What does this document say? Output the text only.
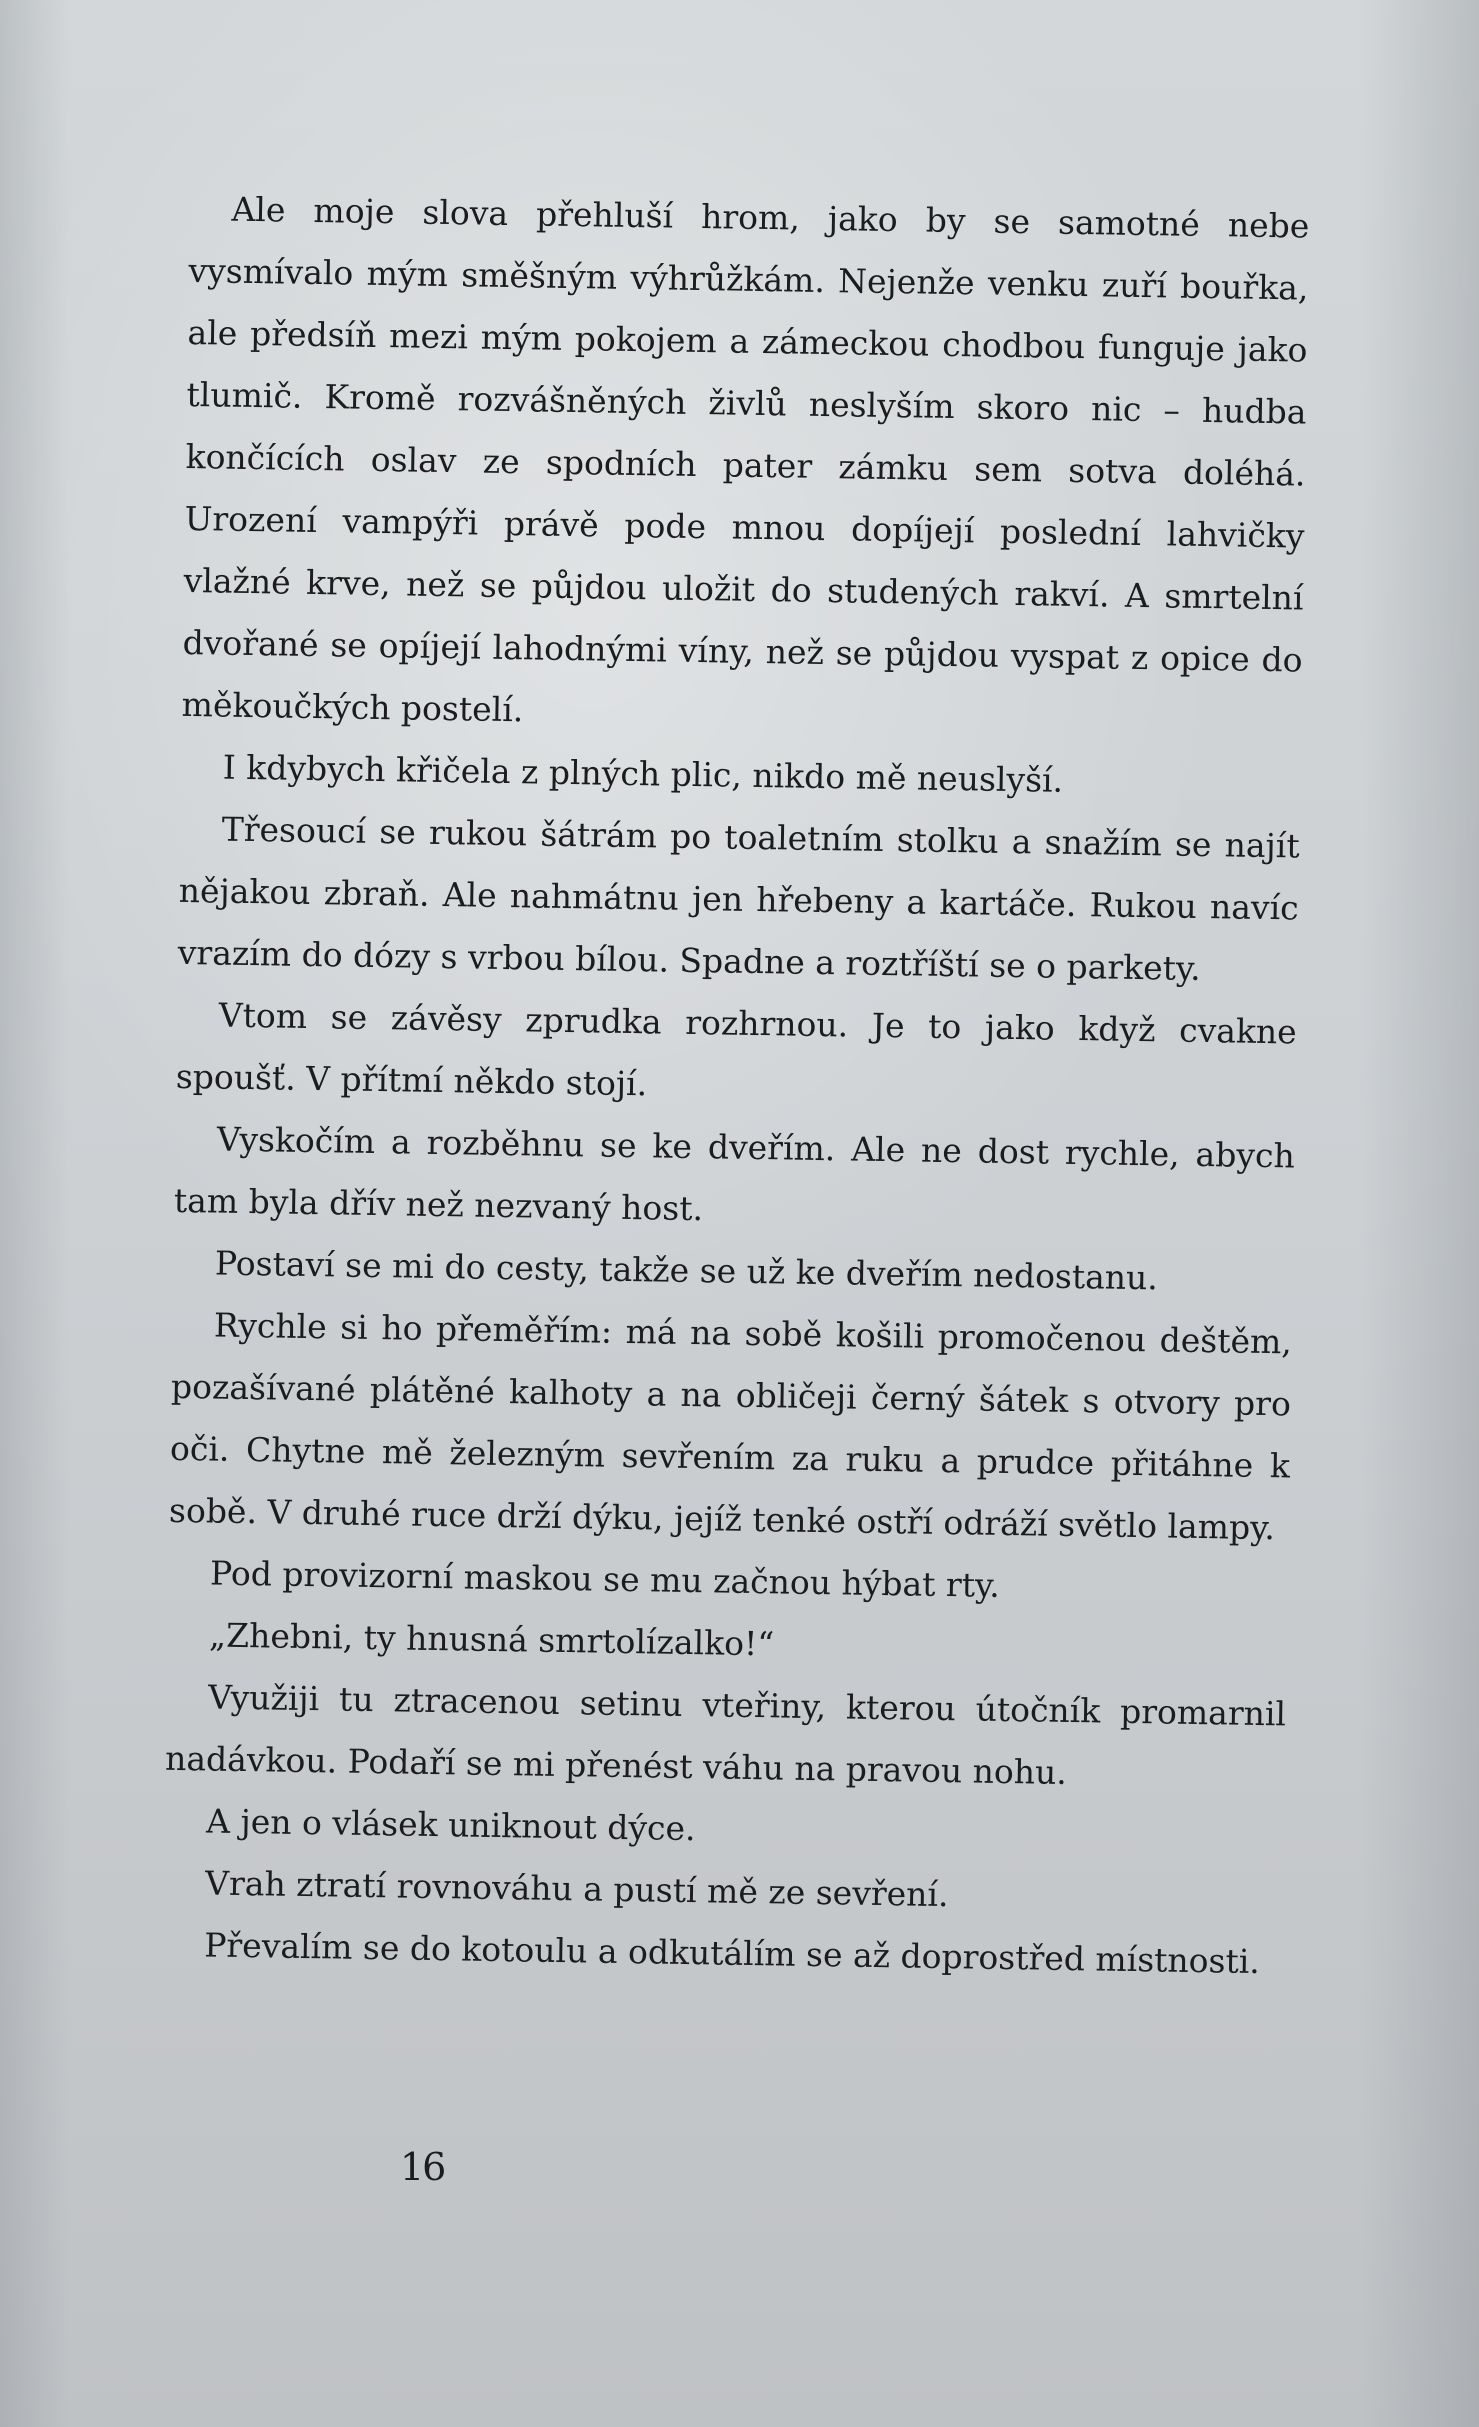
Ale moje slova přehluší hrom, jako by se samotné nebe vysmívalo mým směšným výhrůžkám. Nejenže venku zuří bouřka, ale předsíň mezi mým pokojem a zámeckou chodbou funguje jako tlumič. Kromě rozvášněných živlů neslyším skoro nic – hudba končících oslav ze spodních pater zámku sem sotva doléhá. Urození vampýři právě pode mnou dopíjejí poslední lahvičky vlažné krve, než se půjdou uložit do studených rakví. A smrtelní dvořané se opíjejí lahodnými víny, než se půjdou vyspat z opice do měkoučkých postelí.

I kdybych křičela z plných plic, nikdo mě neuslyší.

Třesoucí se rukou šátrám po toaletním stolku a snažím se najít nějakou zbraň. Ale nahmátnu jen hřebeny a kartáče. Rukou navíc vrazím do dózy s vrbou bílou. Spadne a roztříští se o parkety.

Vtom se závěsy zprudka rozhrnou. Je to jako když cvakne spoušť. V přítmí někdo stojí.

Vyskočím a rozběhnu se ke dveřím. Ale ne dost rychle, abych tam byla dřív než nezvaný host.

Postaví se mi do cesty, takže se už ke dveřím nedostanu.

Rychle si ho přeměřím: má na sobě košili promočenou deštěm, pozašívané plátěné kalhoty a na obličeji černý šátek s otvory pro oči. Chytne mě železným sevřením za ruku a prudce přitáhne k sobě. V druhé ruce drží dýku, jejíž tenké ostří odráží světlo lampy.

Pod provizorní maskou se mu začnou hýbat rty.

„Zhebni, ty hnusná smrtolízalko!“

Využiji tu ztracenou setinu vteřiny, kterou útočník promarnil nadávkou. Podaří se mi přenést váhu na pravou nohu.

A jen o vlásek uniknout dýce.

Vrah ztratí rovnováhu a pustí mě ze sevření.

Převalím se do kotoulu a odkutálím se až doprostřed místnosti.

16
